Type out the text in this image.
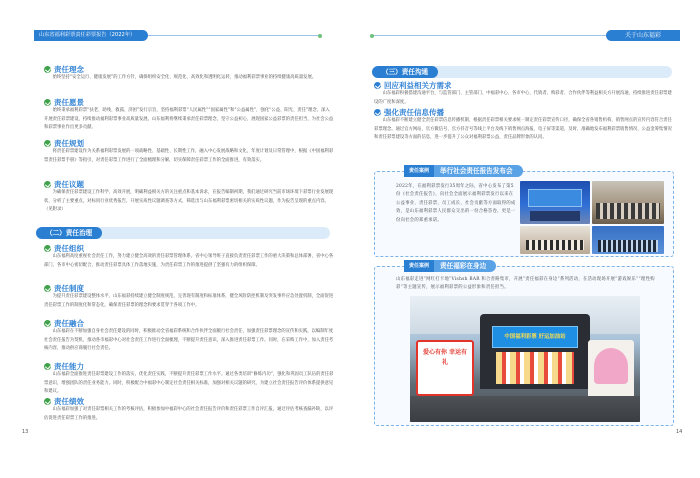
山东省福利彩票责任彩票报告（2022年）
责任理念
始终坚持“安全运行、健康发展”的工作方针，确保组织安全化、规范化、高效化和透明化运转，推动福利彩票事业的持续健康高质量发展。
责任愿景
始终秉承福利彩票“扶老、助残、救孤、济困”发行宗旨，坚持福利彩票“人民属性”“国家属性”和“公益属性”，强化“公益、阳光、责任”理念，深入开展责任彩票建设，持续推动福利彩票事业高质量发展。山东福利将继续秉承责任彩票理念，坚守公益初心，展现国家公益彩票的责任担当，为社会公益和彩票事业作出更多贡献。
责任规划
将责任彩票建设作为关系福利彩票发展的一项战略性、基础性、长期性工作，融入中心发展战略和文化，年度计划及日常管理中，根据《中国福利彩票责任彩票手册》等指引，对责任彩票工作进行了全面梳理和分解，切实保障责任彩票工作的全面推进，有效落实。
责任议题
为确保责任彩票建设工作科学、高效开展，明确利益相关方的关注重点和基本诉求，在报告编制初期，我们通过研究当前市场环境下彩票行业发展现状、分析了主要重点，对标同行业优秀报告，开展实质性议题调查等方式，筛选出与山东福利彩票密切相关的实质性议题，作为报告呈现的重点内容。（见附录）
（二）责任治理
责任组织
山东福利高度重视社会责任工作，努力建立健全高效的责任彩票管理体系。省中心领导班子直接负责责任彩票工作的重大决策和总体部署，省中心各部门、各市中心密切配合，推动责任彩票具体工作落地实施，为责任彩票工作的推进提供了坚强有力的组织保障。
责任制度
为提升责任彩票建设整体水平，山东福彩持续建立健全制度规范，完善现有制度和标准体系，健全风险防控机制及突发事件应急处置机制，全面促进责任彩票工作的制度化和常态化，确保责任彩票的理念和要求贯穿于各项工作中。
责任融合
山东福彩在不断加强自身社会责任建设的同时，积极推动全省福彩系统和合作伙伴全面履行社会责任，加强责任彩票理念的宣传和实践，以编制年度社会责任报告为契机，推动各市福彩中心对社会责任工作进行全面梳理，不断提升责任意识，深入推进责任彩票工作。同时，在采购工作中，加入责任考核内容，推动供应商履行社会责任。
责任能力
山东福彩全面推进责任彩票建设工作的落实，优化责任实践，不断提升责任彩票工作水平。通过各类培训“修炼内功”，强化和巩固员工队伍的责任彩票意识，增强团队的责任业务能力。同时，积极配合中福彩中心制定社会责任相关标准，加强对相关议题的研究，为建立社会责任报告评价体系提供意见和建议。
责任绩效
山东福彩加强了对责任彩票相关工作的考核评估，积极参加中福彩中心的社会责任报告评价和责任彩票工作自评汇报，通过评估考核查漏补缺，以评估促进责任彩票工作的推进。
13
关于山东福彩
（三）责任沟通
回应利益相关方需求
山东福彩积极搭建沟通平台，与监管部门、主管部门、中福彩中心、各市中心、代销者、购彩者、合作伙伴等利益相关方开展沟通，持续推进责任彩票建设的广度和深度。
强化责任信息传播
山东福彩不断建立健全责任彩票信息传播机制，根据责任彩票相关要求统一制定责任彩票宣传口径，确保全省各销售机构、销售网点的宣传内容符合责任彩票理念。通过官方网站、官方微信号、官方抖音号等线上平台及线下销售网点海报、电子屏等渠道，及时、准确地发布福利彩票销售情况、公益金筹集情况和责任彩票建设等方面的信息，进一步提升了公众对福利彩票公益、责任品牌形象的认同。
责任案例	举行社会责任报告发布会
2022年，在福利彩票发行35周年之际，省中心发布了第5份《社会责任报告》，向社会全面展示福利彩票发行以来在公益事业、责任彩票、员工成长、社会贡献等方面取得的成效，是山东福利彩票人民群众交出的一份合格答卷，更是一份向社会的郑重承诺。
责任案例	责任福彩在身边
山东福彩走进“网红打卡地”Vishsh BAR 和合善路集市，开展“责任福彩在身边”系列活动，在活动现场开展“游戏娱乐”“理性购彩”等主题宣传，展示福利彩票的公益形象和责任担当。
中国福利彩票 好运加油站
爱心有你 幸运有礼
14
